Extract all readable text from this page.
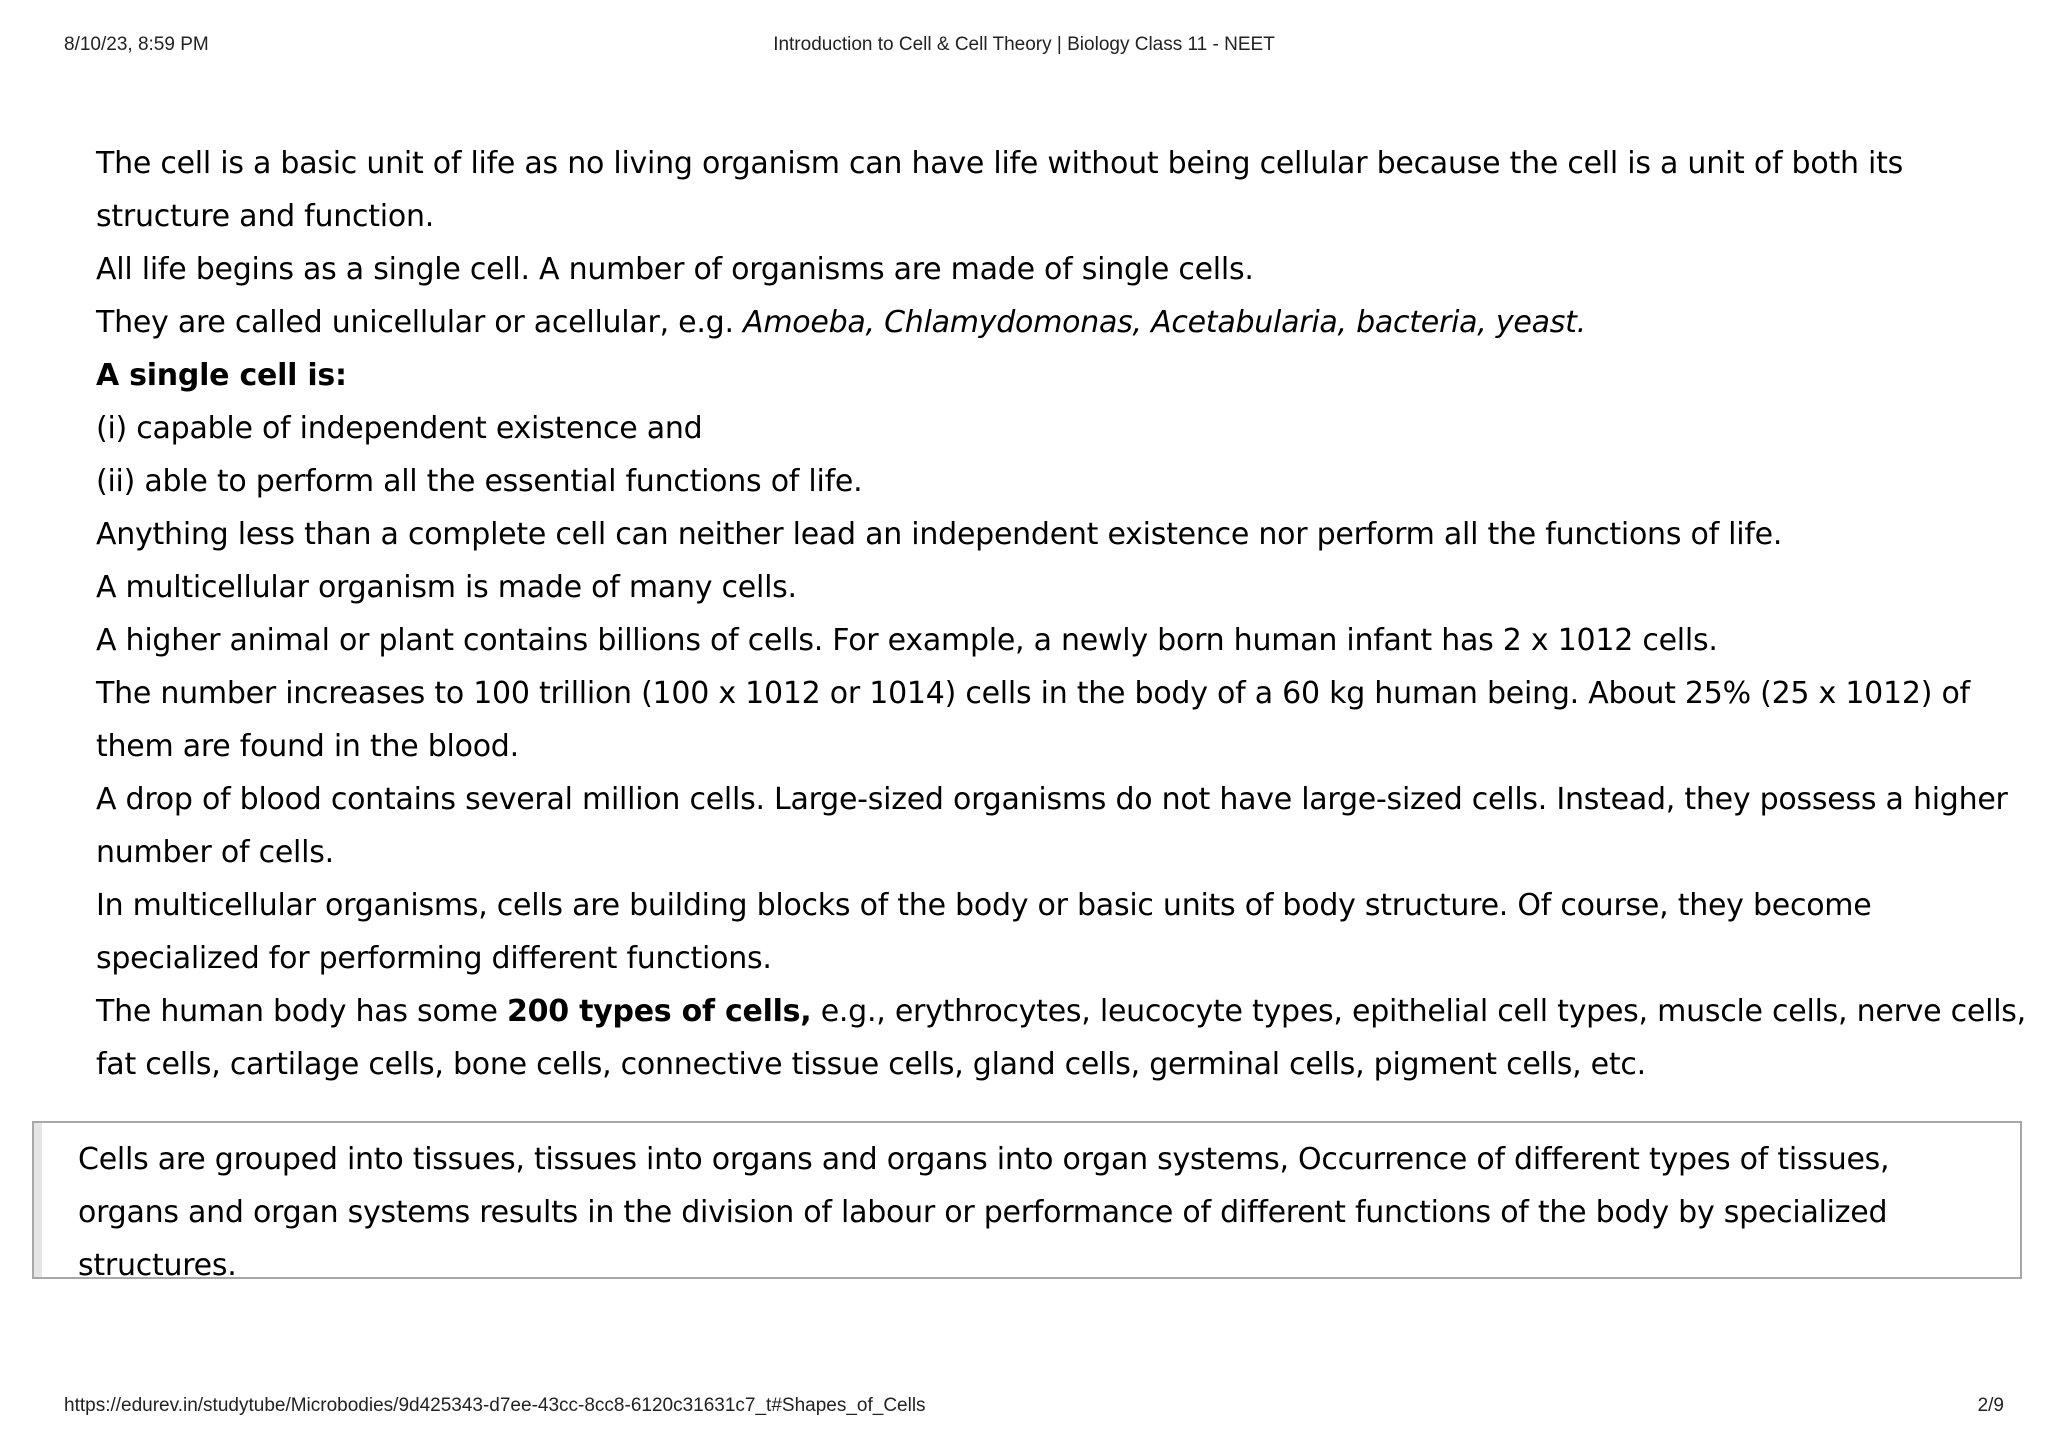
8/10/23, 8:59 PM	Introduction to Cell & Cell Theory | Biology Class 11 - NEET

The cell is a basic unit of life as no living organism can have life without being cellular because the cell is a unit of both its structure and function.

All life begins as a single cell. A number of organisms are made of single cells.

They are called unicellular or acellular, e.g. Amoeba, Chlamydomonas, Acetabularia, bacteria, yeast.

A single cell is:

(i) capable of independent existence and

(ii) able to perform all the essential functions of life.

Anything less than a complete cell can neither lead an independent existence nor perform all the functions of life.

A multicellular organism is made of many cells.

A higher animal or plant contains billions of cells. For example, a newly born human infant has 2 x 1012 cells.

The number increases to 100 trillion (100 x 1012 or 1014) cells in the body of a 60 kg human being. About 25% (25 x 1012) of them are found in the blood.

A drop of blood contains several million cells. Large-sized organisms do not have large-sized cells. Instead, they possess a higher number of cells.

In multicellular organisms, cells are building blocks of the body or basic units of body structure. Of course, they become specialized for performing different functions.

The human body has some 200 types of cells, e.g., erythrocytes, leucocyte types, epithelial cell types, muscle cells, nerve cells, fat cells, cartilage cells, bone cells, connective tissue cells, gland cells, germinal cells, pigment cells, etc.

Cells are grouped into tissues, tissues into organs and organs into organ systems, Occurrence of different types of tissues, organs and organ systems results in the division of labour or performance of different functions of the body by specialized structures.

https://edurev.in/studytube/Microbodies/9d425343-d7ee-43cc-8cc8-6120c31631c7_t#Shapes_of_Cells	2/9
